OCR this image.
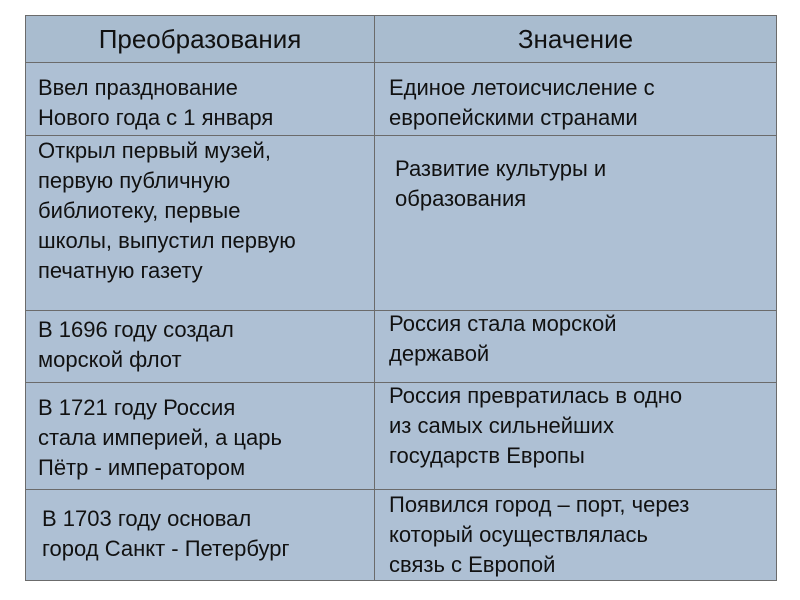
Преобразования	Значение
Ввел празднование
Нового года с 1 января
Единое летоисчисление с
европейскими странами
Открыл первый музей,
первую публичную
библиотеку, первые
школы, выпустил первую
печатную газету
Развитие культуры и
образования
В 1696 году создал
морской флот
Россия стала морской
державой
В 1721 году Россия
стала империей, а царь
Пётр - императором
Россия превратилась в одно
из самых сильнейших
государств Европы
В 1703 году основал
город Санкт - Петербург
Появился город – порт, через
который осуществлялась
связь с Европой
